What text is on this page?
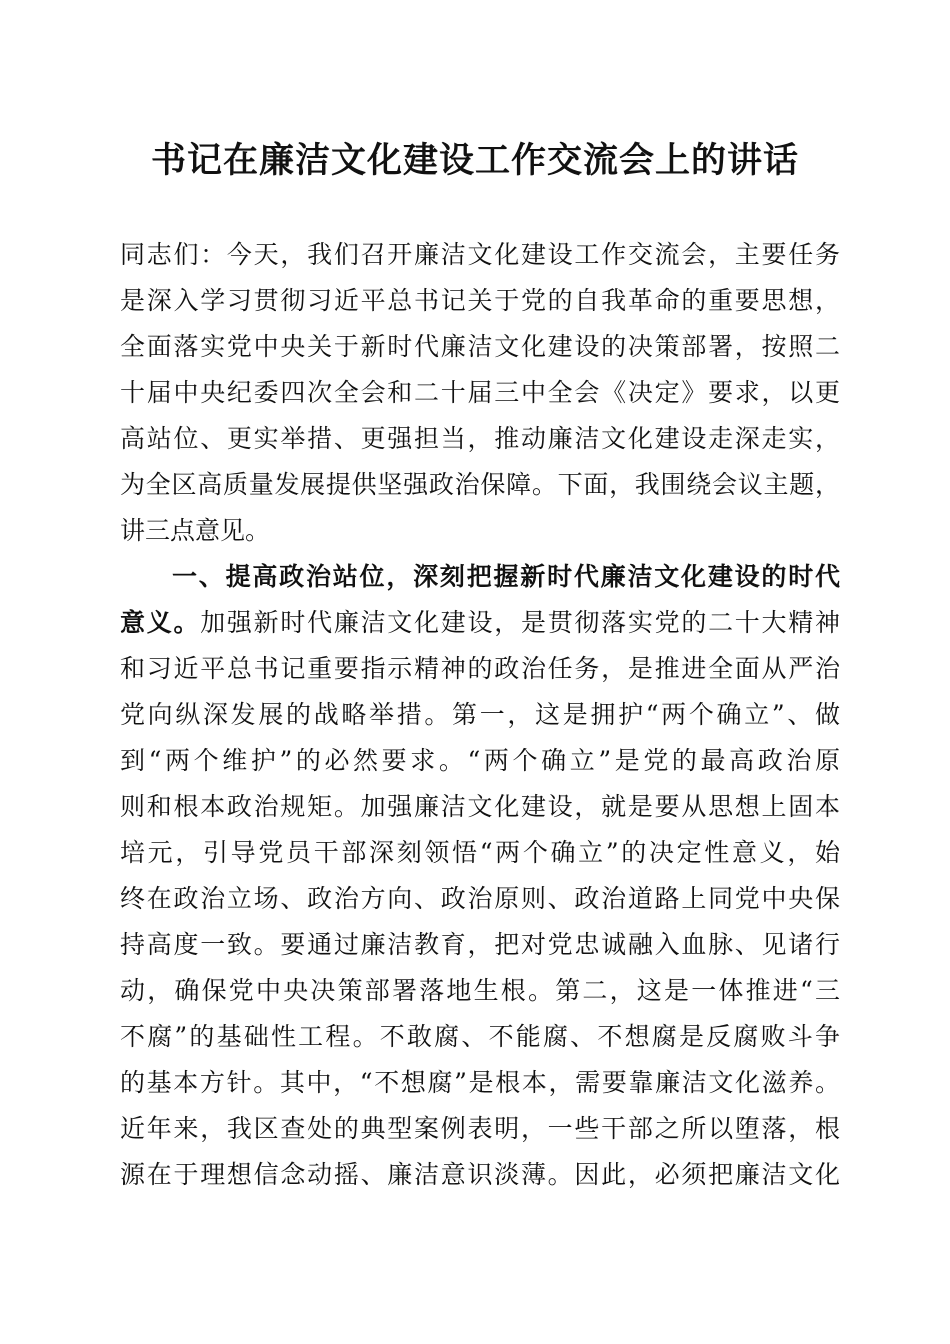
书记在廉洁文化建设工作交流会上的讲话
同志们：今天，我们召开廉洁文化建设工作交流会，主要任务
是深入学习贯彻习近平总书记关于党的自我革命的重要思想，
全面落实党中央关于新时代廉洁文化建设的决策部署，按照二
十届中央纪委四次全会和二十届三中全会《决定》要求，以更
高站位、更实举措、更强担当，推动廉洁文化建设走深走实，
为全区高质量发展提供坚强政治保障。下面，我围绕会议主题，
讲三点意见。
一、提高政治站位，深刻把握新时代廉洁文化建设的时代
意义。加强新时代廉洁文化建设，是贯彻落实党的二十大精神
和习近平总书记重要指示精神的政治任务，是推进全面从严治
党向纵深发展的战略举措。第一，这是拥护“两个确立”、做
到“两个维护”的必然要求。“两个确立”是党的最高政治原
则和根本政治规矩。加强廉洁文化建设，就是要从思想上固本
培元，引导党员干部深刻领悟“两个确立”的决定性意义，始
终在政治立场、政治方向、政治原则、政治道路上同党中央保
持高度一致。要通过廉洁教育，把对党忠诚融入血脉、见诸行
动，确保党中央决策部署落地生根。第二，这是一体推进“三
不腐”的基础性工程。不敢腐、不能腐、不想腐是反腐败斗争
的基本方针。其中，“不想腐”是根本，需要靠廉洁文化滋养。
近年来，我区查处的典型案例表明，一些干部之所以堕落，根
源在于理想信念动摇、廉洁意识淡薄。因此，必须把廉洁文化
